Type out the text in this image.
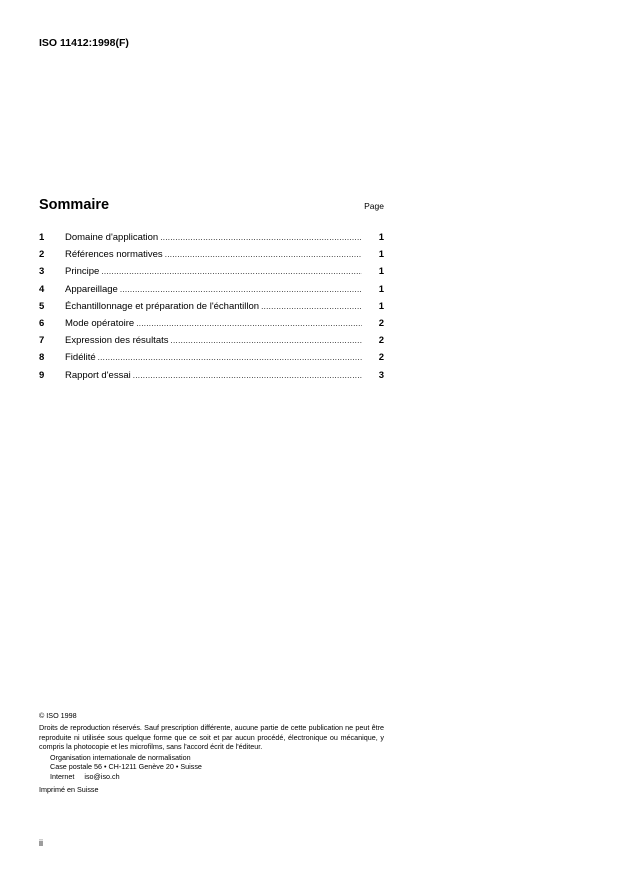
ISO 11412:1998(F)

Sommaire	Page
1	Domaine d'application .....	1
2	Références normatives .....	1
3	Principe .....	1
4	Appareillage .....	1
5	Échantillonnage et préparation de l'échantillon .....	1
6	Mode opératoire .....	2
7	Expression des résultats .....	2
8	Fidélité .....	2
9	Rapport d'essai .....	3

© ISO 1998

Droits de reproduction réservés. Sauf prescription différente, aucune partie de cette publication ne peut être reproduite ni utilisée sous quelque forme que ce soit et par aucun procédé, électronique ou mécanique, y compris la photocopie et les microfilms, sans l'accord écrit de l'éditeur.

Organisation internationale de normalisation

Case postale 56 • CH-1211 Genève 20 • Suisse

Internet     iso@iso.ch

Imprimé en Suisse

ii
